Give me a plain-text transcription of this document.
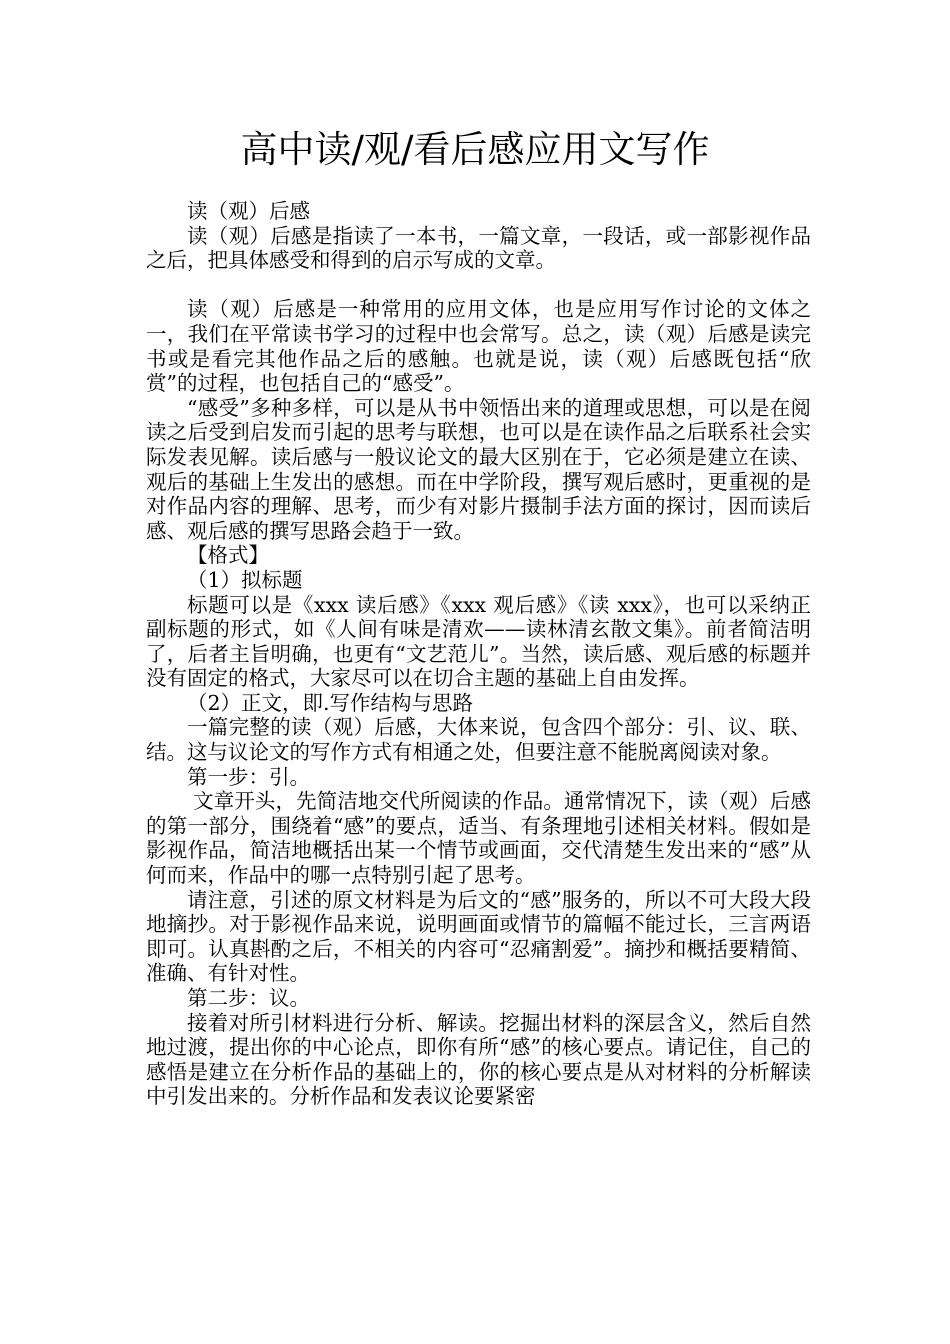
高中读/观/看后感应用文写作

读（观）后感

读（观）后感是指读了一本书，一篇文章，一段话，或一部影视作品之后，把具体感受和得到的启示写成的文章。

读（观）后感是一种常用的应用文体，也是应用写作讨论的文体之一，我们在平常读书学习的过程中也会常写。总之，读（观）后感是读完书或是看完其他作品之后的感触。也就是说，读（观）后感既包括“欣赏”的过程，也包括自己的“感受”。

“感受”多种多样，可以是从书中领悟出来的道理或思想，可以是在阅读之后受到启发而引起的思考与联想，也可以是在读作品之后联系社会实际发表见解。读后感与一般议论文的最大区别在于，它必须是建立在读、观后的基础上生发出的感想。而在中学阶段，撰写观后感时，更重视的是对作品内容的理解、思考，而少有对影片摄制手法方面的探讨，因而读后感、观后感的撰写思路会趋于一致。

【格式】

（1）拟标题

标题可以是《xxx 读后感》《xxx 观后感》《读 xxx》，也可以采纳正副标题的形式，如《人间有味是清欢——读林清玄散文集》。前者简洁明了，后者主旨明确，也更有“文艺范儿”。当然，读后感、观后感的标题并没有固定的格式，大家尽可以在切合主题的基础上自由发挥。

（2）正文，即.写作结构与思路

一篇完整的读（观）后感，大体来说，包含四个部分：引、议、联、结。这与议论文的写作方式有相通之处，但要注意不能脱离阅读对象。

第一步：引。

文章开头，先简洁地交代所阅读的作品。通常情况下，读（观）后感的第一部分，围绕着“感”的要点，适当、有条理地引述相关材料。假如是影视作品，简洁地概括出某一个情节或画面，交代清楚生发出来的“感”从何而来，作品中的哪一点特别引起了思考。

请注意，引述的原文材料是为后文的“感”服务的，所以不可大段大段地摘抄。对于影视作品来说，说明画面或情节的篇幅不能过长，三言两语即可。认真斟酌之后，不相关的内容可“忍痛割爱”。摘抄和概括要精简、准确、有针对性。

第二步：议。

接着对所引材料进行分析、解读。挖掘出材料的深层含义，然后自然地过渡，提出你的中心论点，即你有所“感”的核心要点。请记住，自己的感悟是建立在分析作品的基础上的，你的核心要点是从对材料的分析解读中引发出来的。分析作品和发表议论要紧密
